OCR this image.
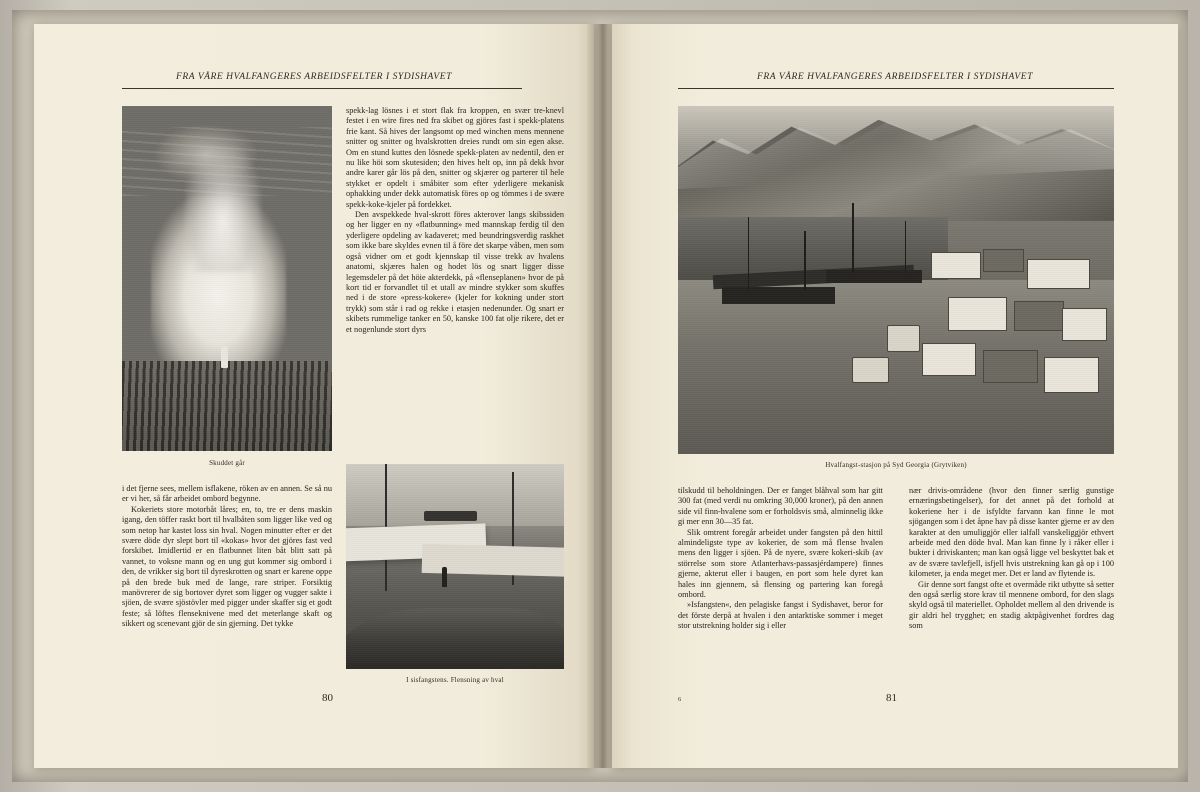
FRA VÅRE HVALFANGERES ARBEIDSFELTER I SYDISHAVET
Skuddet går

spekk-lag lösnes i et stort flak fra kroppen, en svær tre-knevl festet i en wire fires ned fra skibet og gjöres fast i spekk-platens frie kant. Så hives der langsomt op med winchen mens mennene snitter og snitter og hvalskrotten dreies rundt om sin egen akse. Om en stund kuttes den lösnede spekk-platen av nedentil, den er nu like höi som skutesiden; den hives helt op, inn på dekk hvor andre karer går lös på den, snitter og skjærer og parterer til hele stykket er opdelt i småbiter som efter yderligere mekanisk ophakking under dekk automatisk föres op og tömmes i de svære spekk-koke-kjeler på fordekket.

Den avspekkede hval-skrott föres akterover langs skibssiden og her ligger en ny «flatbunning» med mannskap ferdig til den yderligere opdeling av kadaveret; med beundringsverdig raskhet som ikke bare skyldes evnen til å före det skarpe våben, men som også vidner om et godt kjennskap til visse trekk av hvalens anatomi, skjæres halen og hodet lös og snart ligger disse legemsdeler på det höie akterdekk, på «flenseplanen» hvor de på kort tid er forvandlet til et utall av mindre stykker som skuffes ned i de store «press-kokere» (kjeler for kokning under stort trykk) som står i rad og rekke i etasjen nedenunder. Og snart er skibets rummelige tanker en 50, kanske 100 fat olje rikere, det er et nogenlunde stort dyrs

I sisfangstens. Flensning av hval

i det fjerne sees, mellem isflakene, röken av en annen. Se så nu er vi her, så får arbeidet ombord begynne.

Kokeriets store motorbåt låres; en, to, tre er dens maskin igang, den töffer raskt bort til hvalbåten som ligger like ved og som netop har kastet loss sin hval. Nogen minutter efter er det svære döde dyr slept bort til «kokas» hvor det gjöres fast ved forskibet. Imidlertid er en flatbunnet liten båt blitt satt på vannet, to voksne mann og en ung gut kommer sig ombord i den, de vrikker sig bort til dyreskrotten og snart er karene oppe på den brede buk med de lange, rare striper. Forsiktig manövrerer de sig bortover dyret som ligger og vugger sakte i sjöen, de svære sjöstövler med pigger under skaffer sig et godt feste; så löftes flenseknivene med det meterlange skaft og sikkert og scenevant gjör de sin gjerning. Det tykke

80
FRA VÅRE HVALFANGERES ARBEIDSFELTER I SYDISHAVET
Hvalfangst-stasjon på Syd Georgia (Grytviken)

tilskudd til beholdningen. Der er fanget blåhval som har gitt 300 fat (med verdi nu omkring 30,000 kroner), på den annen side vil finn-hvalene som er forholdsvis små, alminnelig ikke gi mer enn 30—35 fat.

Slik omtrent foregår arbeidet under fangsten på den hittil almindeligste type av kokerier, de som må flense hvalen mens den ligger i sjöen. På de nyere, svære kokeri-skib (av störrelse som store Atlanterhavs-passasjérdampere) finnes gjerne, akterut eller i baugen, en port som hele dyret kan hales inn gjennem, så flensing og partering kan foregå ombord.

»Isfangsten«, den pelagiske fangst i Sydishavet, beror for det förste derpå at hvalen i den antarktiske sommer i meget stor utstrekning holder sig i eller

nær drivis-områdene (hvor den finner særlig gunstige ernæringsbetingelser), for det annet på det forhold at kokeriene her i de isfyldte farvann kan finne le mot sjögangen som i det åpne hav på disse kanter gjerne er av den karakter at den umuliggjör eller ialfall vanskeliggjör ethvert arbeide med den döde hval. Man kan finne ly i råker eller i bukter i driviskanten; man kan også ligge vel beskyttet bak et av de svære tavlefjell, isfjell hvis utstrekning kan gå op i 100 kilometer, ja enda meget mer. Det er land av flytende is.

Gir denne sort fangst ofte et overmåde rikt utbytte så setter den også særlig store krav til mennene ombord, for den slags skyld også til materiellet. Opholdet mellem al den drivende is gir aldri hel trygghet; en stadig aktpågivenhet fordres dag som

6	81
